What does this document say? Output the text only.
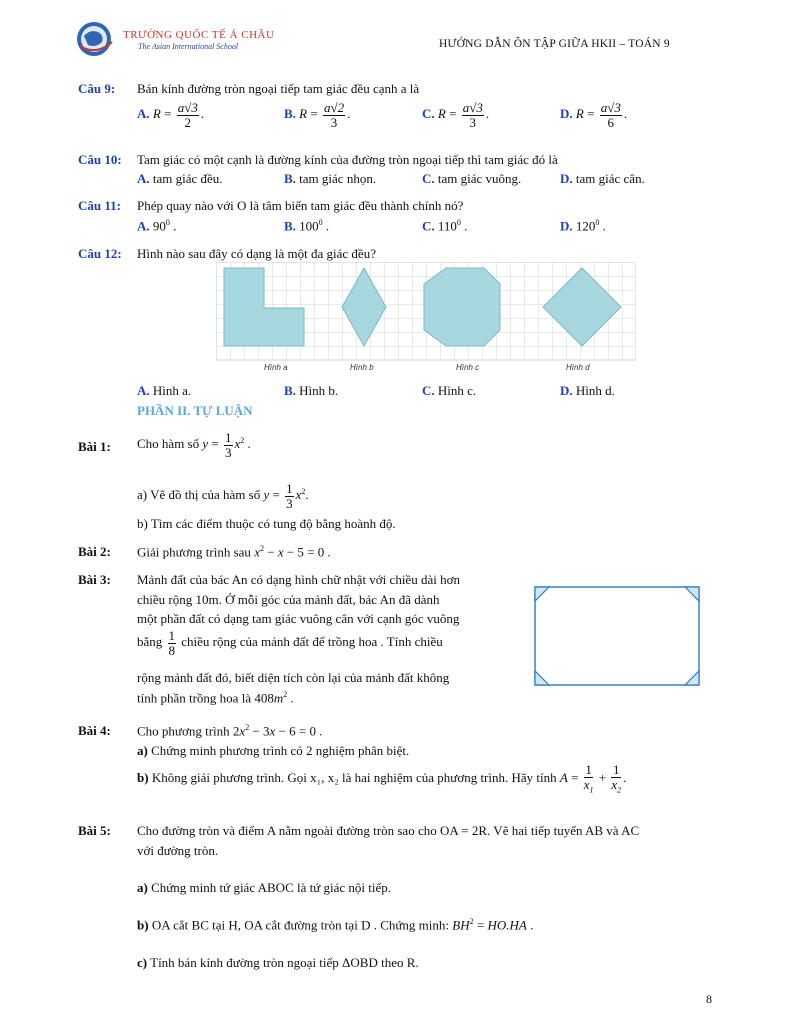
TRƯỜNG QUỐC TẾ Á CHÂU
The Asian International School	HƯỚNG DẪN ÔN TẬP GIỮA HKII – TOÁN 9
Câu 9: Bán kính đường tròn ngoại tiếp tam giác đều cạnh a là
A. $R = \frac{a√3}{2}$ .	B. $R = \frac{a√2}{3}$ .	C. $R = \frac{a√3}{3}$ .	D. $R = \frac{a√3}{6}$ .
Câu 10: Tam giác có một cạnh là đường kính của đường tròn ngoại tiếp thì tam giác đó là
A. tam giác đều.	B. tam giác nhọn.	C. tam giác vuông.	D. tam giác cân.
Câu 11: Phép quay nào với O là tâm biến tam giác đều thành chính nó?
A. $90^0$ .	B. $100^0$ .	C. $110^0$ .	D. $120^0$ .
Câu 12: Hình nào sau đây có dạng là một đa giác đều?
Hình a	Hình b	Hình c	Hình d
A. Hình a.	B. Hình b.	C. Hình c.	D. Hình d.
PHẦN II. TỰ LUẬN
Bài 1: Cho hàm số $y = \frac{1}{3} x^2$ .
a) Vẽ đồ thị của hàm số $y = \frac{1}{3} x^2$.
b) Tìm các điểm thuộc có tung độ bằng hoành độ.
Bài 2: Giải phương trình sau $x^2 - x - 5 = 0$ .
Bài 3: Mảnh đất của bác An có dạng hình chữ nhật với chiều dài hơn
chiều rộng 10m. Ở mỗi góc của mảnh đất, bác An đã dành
một phần đất có dạng tam giác vuông cân với cạnh góc vuông
bằng $\frac{1}{8}$ chiều rộng của mảnh đất để trồng hoa . Tính chiều
rộng mảnh đất đó, biết diện tích còn lại của mảnh đất không
tính phần trồng hoa là $408m^2$ .
Bài 4: Cho phương trình $2x^2 - 3x - 6 = 0$ .
a) Chứng minh phương trình có 2 nghiệm phân biệt.
b) Không giải phương trình. Gọi x₁, x₂ là hai nghiệm của phương trình. Hãy tính $A = \frac{1}{x_1} + \frac{1}{x_2}$ .
Bài 5: Cho đường tròn và điểm A nằm ngoài đường tròn sao cho OA = 2R. Vẽ hai tiếp tuyến AB và AC
với đường tròn.
a) Chứng minh tứ giác ABOC là tứ giác nội tiếp.
b) OA cắt BC tại H, OA cắt đường tròn tại D . Chứng minh: $BH^2 = HO.HA$ .
c) Tính bán kính đường tròn ngoại tiếp ΔOBD theo R.
8
